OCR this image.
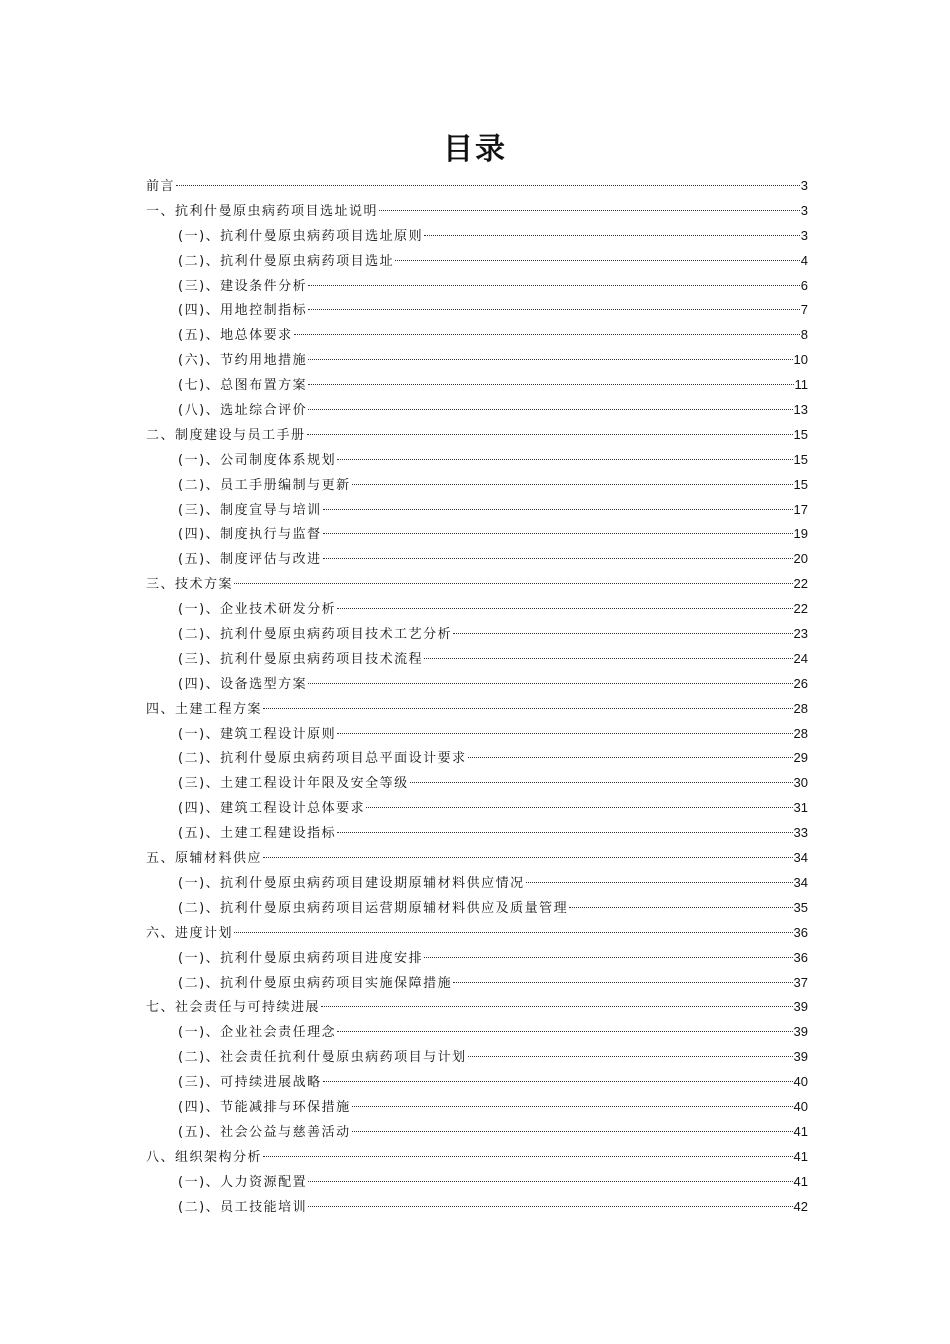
目录
前言	3
一、抗利什曼原虫病药项目选址说明	3
(一)、抗利什曼原虫病药项目选址原则	3
(二)、抗利什曼原虫病药项目选址	4
(三)、建设条件分析	6
(四)、用地控制指标	7
(五)、地总体要求	8
(六)、节约用地措施	10
(七)、总图布置方案	11
(八)、选址综合评价	13
二、制度建设与员工手册	15
(一)、公司制度体系规划	15
(二)、员工手册编制与更新	15
(三)、制度宣导与培训	17
(四)、制度执行与监督	19
(五)、制度评估与改进	20
三、技术方案	22
(一)、企业技术研发分析	22
(二)、抗利什曼原虫病药项目技术工艺分析	23
(三)、抗利什曼原虫病药项目技术流程	24
(四)、设备选型方案	26
四、土建工程方案	28
(一)、建筑工程设计原则	28
(二)、抗利什曼原虫病药项目总平面设计要求	29
(三)、土建工程设计年限及安全等级	30
(四)、建筑工程设计总体要求	31
(五)、土建工程建设指标	33
五、原辅材料供应	34
(一)、抗利什曼原虫病药项目建设期原辅材料供应情况	34
(二)、抗利什曼原虫病药项目运营期原辅材料供应及质量管理	35
六、进度计划	36
(一)、抗利什曼原虫病药项目进度安排	36
(二)、抗利什曼原虫病药项目实施保障措施	37
七、社会责任与可持续进展	39
(一)、企业社会责任理念	39
(二)、社会责任抗利什曼原虫病药项目与计划	39
(三)、可持续进展战略	40
(四)、节能减排与环保措施	40
(五)、社会公益与慈善活动	41
八、组织架构分析	41
(一)、人力资源配置	41
(二)、员工技能培训	42
